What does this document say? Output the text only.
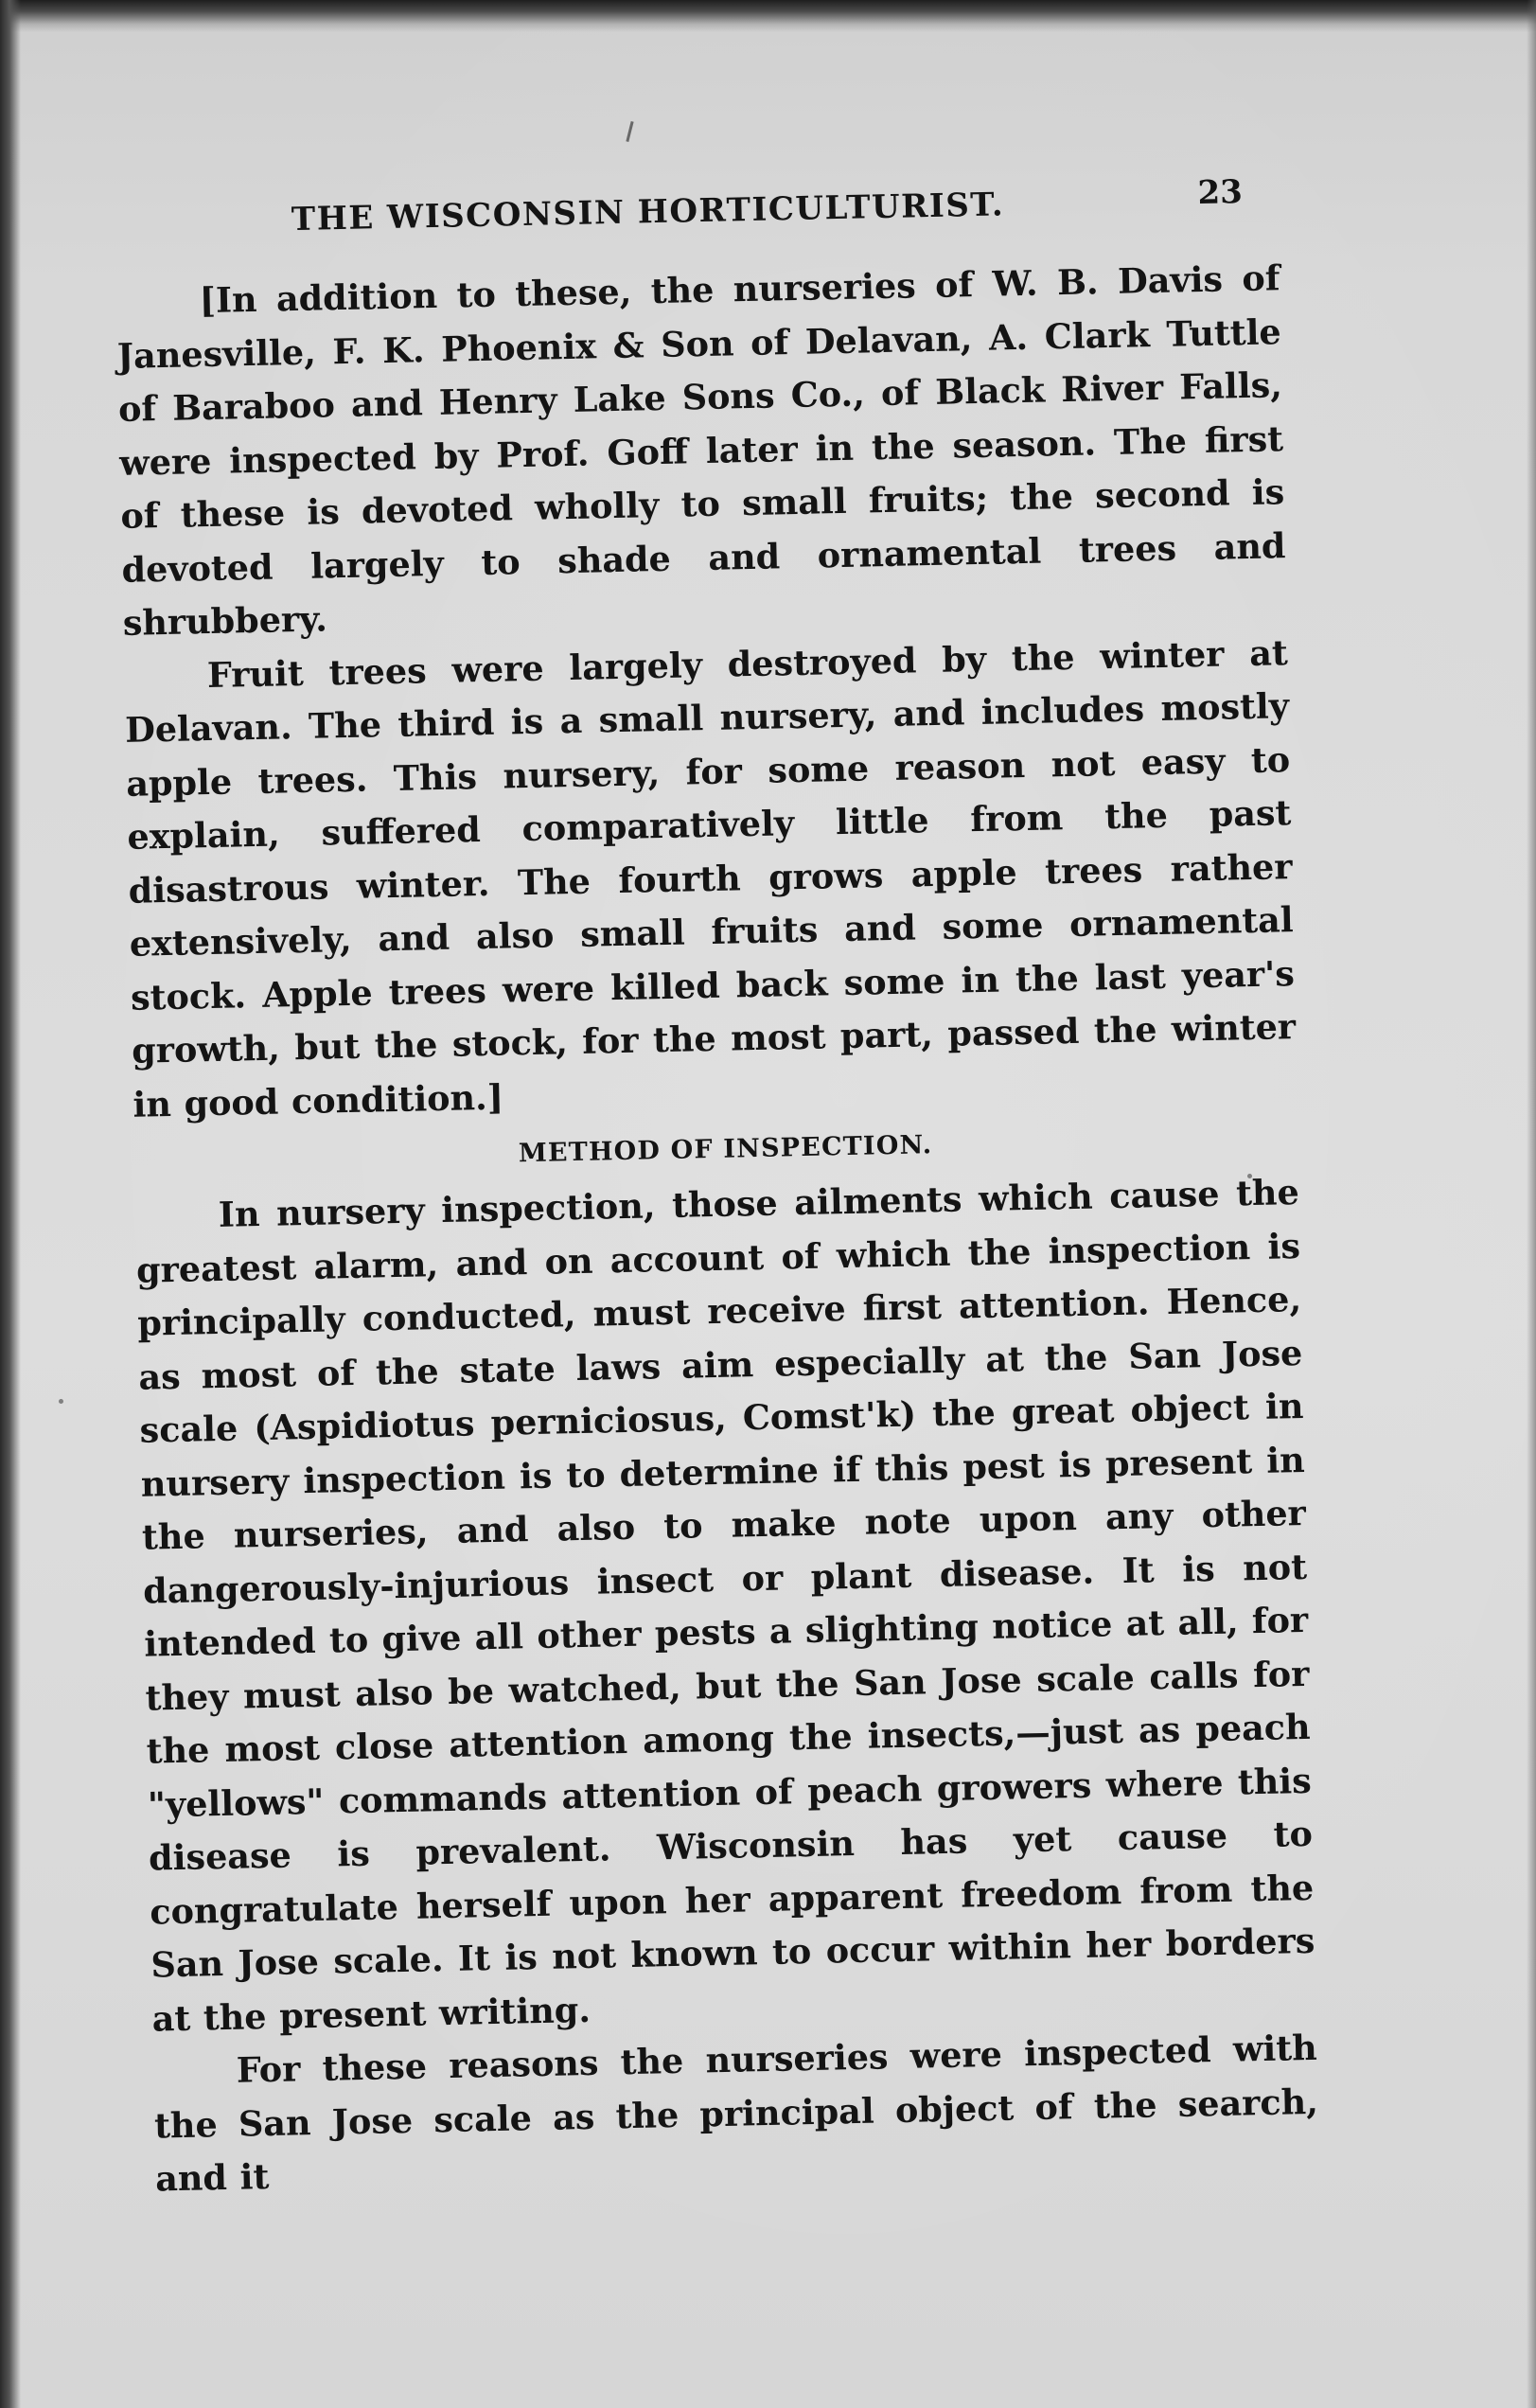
THE WISCONSIN HORTICULTURIST.	23

[In addition to these, the nurseries of W. B. Davis of Janesville, F. K. Phoenix & Son of Delavan, A. Clark Tuttle of Baraboo and Henry Lake Sons Co., of Black River Falls, were inspected by Prof. Goff later in the season. The first of these is devoted wholly to small fruits; the second is devoted largely to shade and ornamental trees and shrubbery.

Fruit trees were largely destroyed by the winter at Delavan. The third is a small nursery, and includes mostly apple trees. This nursery, for some reason not easy to explain, suffered comparatively little from the past disastrous winter. The fourth grows apple trees rather extensively, and also small fruits and some ornamental stock. Apple trees were killed back some in the last year's growth, but the stock, for the most part, passed the winter in good condition.]

METHOD OF INSPECTION.

In nursery inspection, those ailments which cause the greatest alarm, and on account of which the inspection is principally conducted, must receive first attention. Hence, as most of the state laws aim especially at the San Jose scale (Aspidiotus perniciosus, Comst'k) the great object in nursery inspection is to determine if this pest is present in the nurseries, and also to make note upon any other dangerously-injurious insect or plant disease. It is not intended to give all other pests a slighting notice at all, for they must also be watched, but the San Jose scale calls for the most close attention among the insects,—just as peach "yellows" commands attention of peach growers where this disease is prevalent. Wisconsin has yet cause to congratulate herself upon her apparent freedom from the San Jose scale. It is not known to occur within her borders at the present writing.

For these reasons the nurseries were inspected with the San Jose scale as the principal object of the search, and it
